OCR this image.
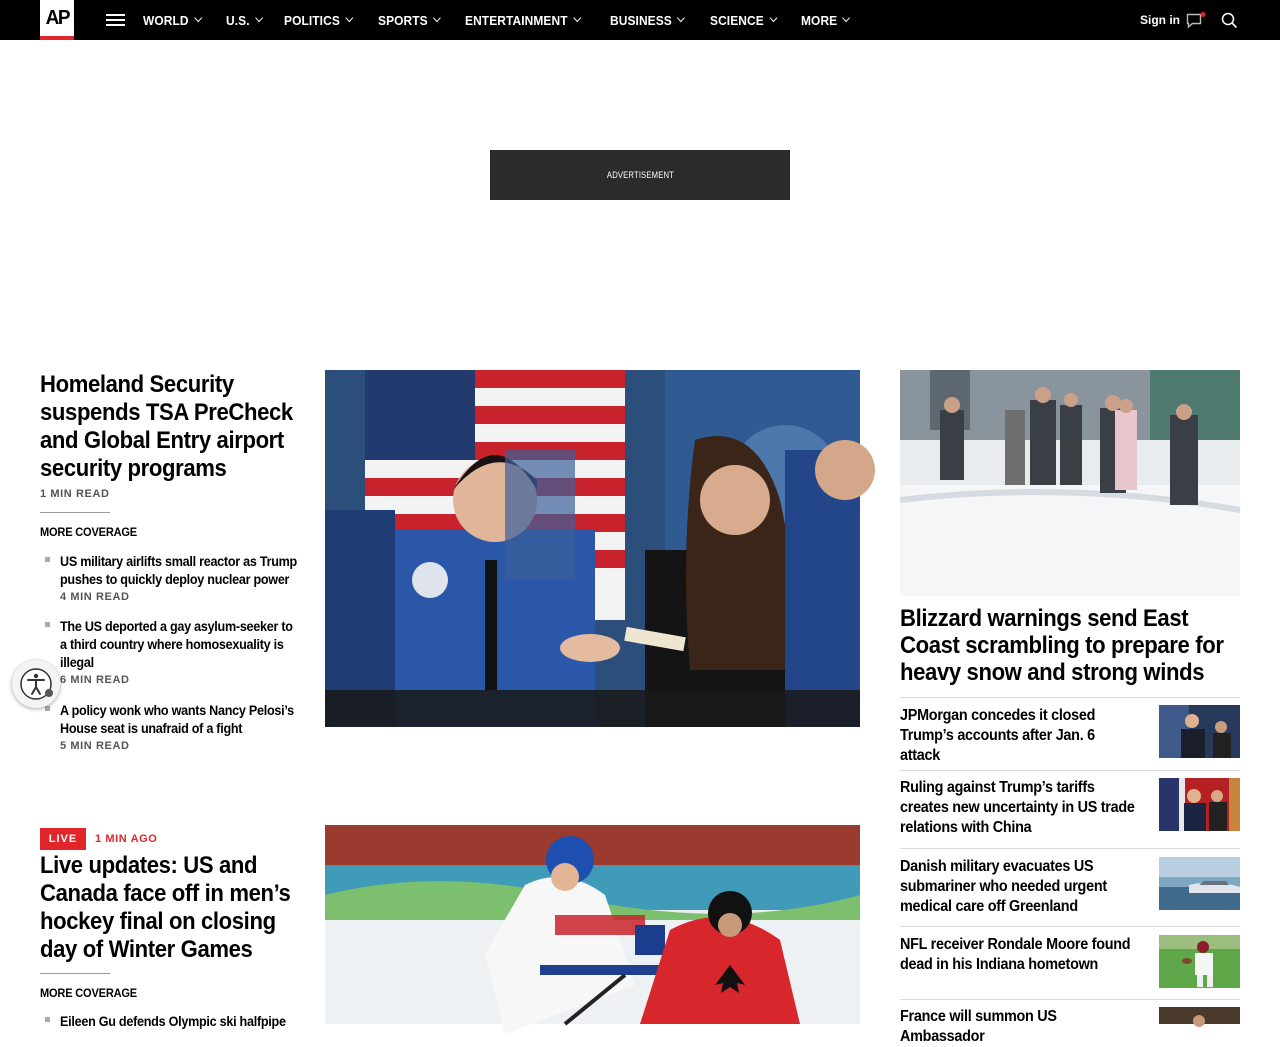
AP	WORLD	U.S.	POLITICS	SPORTS	ENTERTAINMENT	BUSINESS	SCIENCE	MORE	Sign in
ADVERTISEMENT
Homeland Security suspends TSA PreCheck and Global Entry airport security programs
1 MIN READ
MORE COVERAGE
US military airlifts small reactor as Trump pushes to quickly deploy nuclear power
4 MIN READ
The US deported a gay asylum-seeker to a third country where homosexuality is illegal
6 MIN READ
A policy wonk who wants Nancy Pelosi’s House seat is unafraid of a fight
5 MIN READ
Blizzard warnings send East Coast scrambling to prepare for heavy snow and strong winds
JPMorgan concedes it closed Trump’s accounts after Jan. 6 attack
Ruling against Trump’s tariffs creates new uncertainty in US trade relations with China
Danish military evacuates US submariner who needed urgent medical care off Greenland
NFL receiver Rondale Moore found dead in his Indiana hometown
France will summon US Ambassador
LIVE	1 MIN AGO
Live updates: US and Canada face off in men’s hockey final on closing day of Winter Games
MORE COVERAGE
Eileen Gu defends Olympic ski halfpipe
